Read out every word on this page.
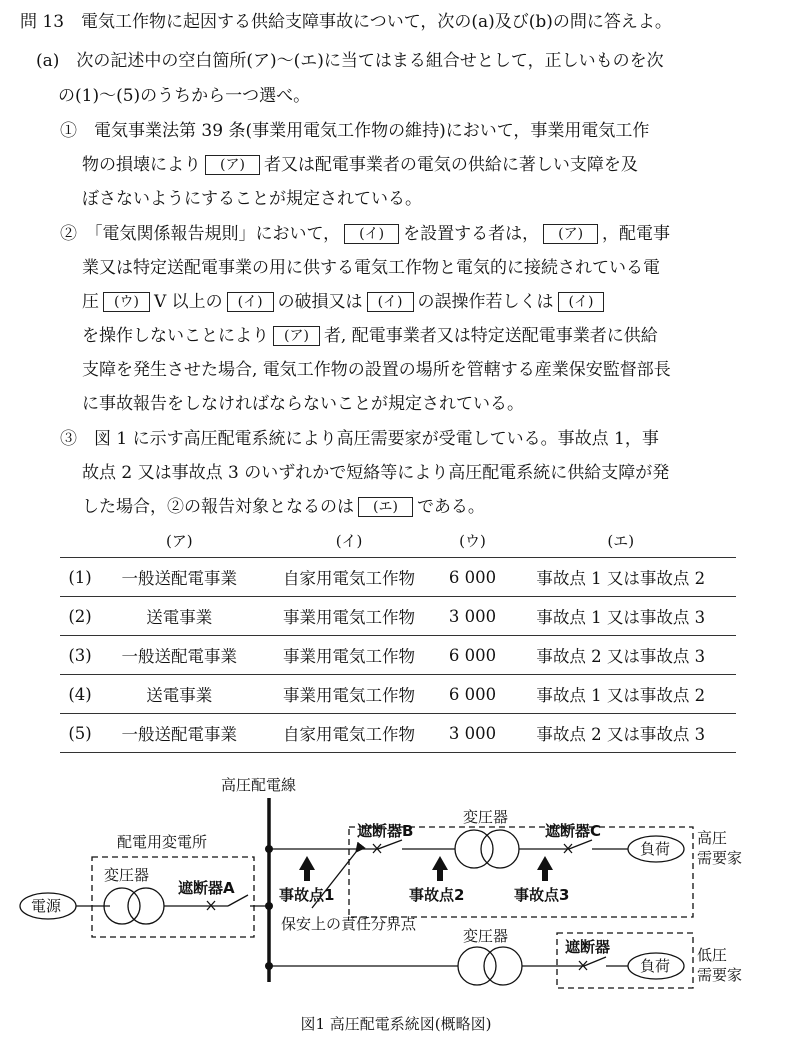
問 13　電気工作物に起因する供給支障事故について，次の(a)及び(b)の問に答えよ。
(a)　次の記述中の空白箇所(ア)～(エ)に当てはまる組合せとして，正しいものを次
の(1)～(5)のうちから一つ選べ。
①　電気事業法第 39 条(事業用電気工作物の維持)において，事業用電気工作
物の損壊により (ア) 者又は配電事業者の電気の供給に著しい支障を及
ぼさないようにすることが規定されている。
②　「電気関係報告規則」において， (イ) を設置する者は， (ア) ，配電事
業又は特定送配電事業の用に供する電気工作物と電気的に接続されている電
圧 (ウ) V 以上の (イ) の破損又は (イ) の誤操作若しくは (イ)
を操作しないことにより (ア) 者, 配電事業者又は特定送配電事業者に供給
支障を発生させた場合, 電気工作物の設置の場所を管轄する産業保安監督部長
に事故報告をしなければならないことが規定されている。
③　図 1 に示す高圧配電系統により高圧需要家が受電している。事故点 1，事
故点 2 又は事故点 3 のいずれかで短絡等により高圧配電系統に供給支障が発
した場合，②の報告対象となるのは (エ) である。
	(ア)	(イ)	(ウ)	(エ)
(1)	一般送配電事業	自家用電気工作物	6 000	事故点 1 又は事故点 2
(2)	送電事業	事業用電気工作物	3 000	事故点 1 又は事故点 3
(3)	一般送配電事業	事業用電気工作物	6 000	事故点 2 又は事故点 3
(4)	送電事業	事業用電気工作物	6 000	事故点 1 又は事故点 2
(5)	一般送配電事業	自家用電気工作物	3 000	事故点 2 又は事故点 3
高圧配電線
配電用変電所
変圧器
電源
遮断器A
遮断器B
変圧器
遮断器C
負荷
高圧
需要家
事故点1	事故点2	事故点3
保安上の責任分界点
変圧器
遮断器
負荷
低圧
需要家
図1 高圧配電系統図(概略図)
